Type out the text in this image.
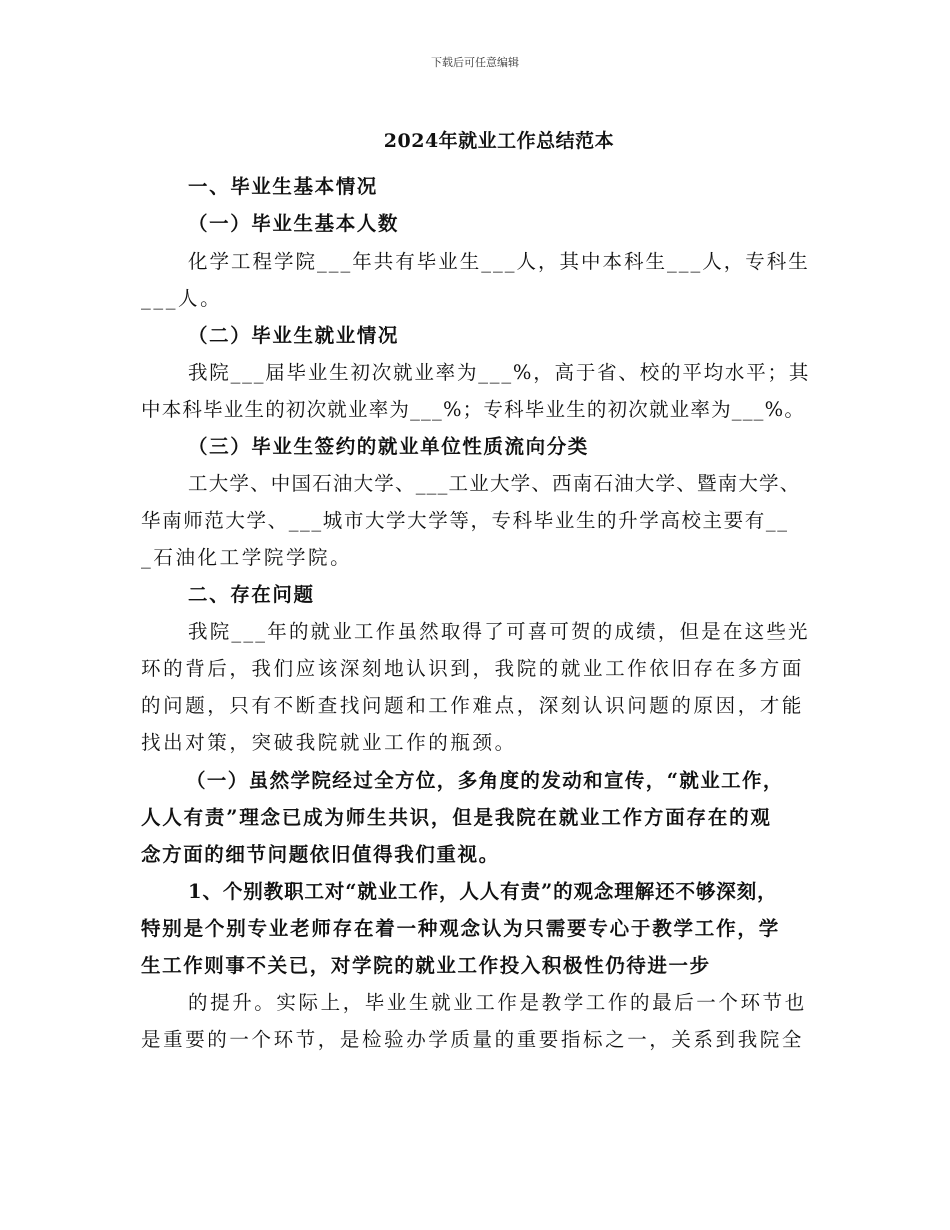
下载后可任意编辑
2024年就业工作总结范本
一、毕业生基本情况
（一）毕业生基本人数
化学工程学院___年共有毕业生___人，其中本科生___人，专科生
___人。
（二）毕业生就业情况
我院___届毕业生初次就业率为___%，高于省、校的平均水平；其
中本科毕业生的初次就业率为___%；专科毕业生的初次就业率为___%。
（三）毕业生签约的就业单位性质流向分类
工大学、中国石油大学、___工业大学、西南石油大学、暨南大学、
华南师范大学、___城市大学大学等，专科毕业生的升学高校主要有__
_石油化工学院学院。
二、存在问题
我院___年的就业工作虽然取得了可喜可贺的成绩，但是在这些光
环的背后，我们应该深刻地认识到，我院的就业工作依旧存在多方面
的问题，只有不断查找问题和工作难点，深刻认识问题的原因，才能
找出对策，突破我院就业工作的瓶颈。
（一）虽然学院经过全方位，多角度的发动和宣传，“就业工作，
人人有责”理念已成为师生共识，但是我院在就业工作方面存在的观
念方面的细节问题依旧值得我们重视。
1、个别教职工对“就业工作，人人有责”的观念理解还不够深刻，
特别是个别专业老师存在着一种观念认为只需要专心于教学工作，学
生工作则事不关已，对学院的就业工作投入积极性仍待进一步
的提升。实际上，毕业生就业工作是教学工作的最后一个环节也
是重要的一个环节，是检验办学质量的重要指标之一，关系到我院全
